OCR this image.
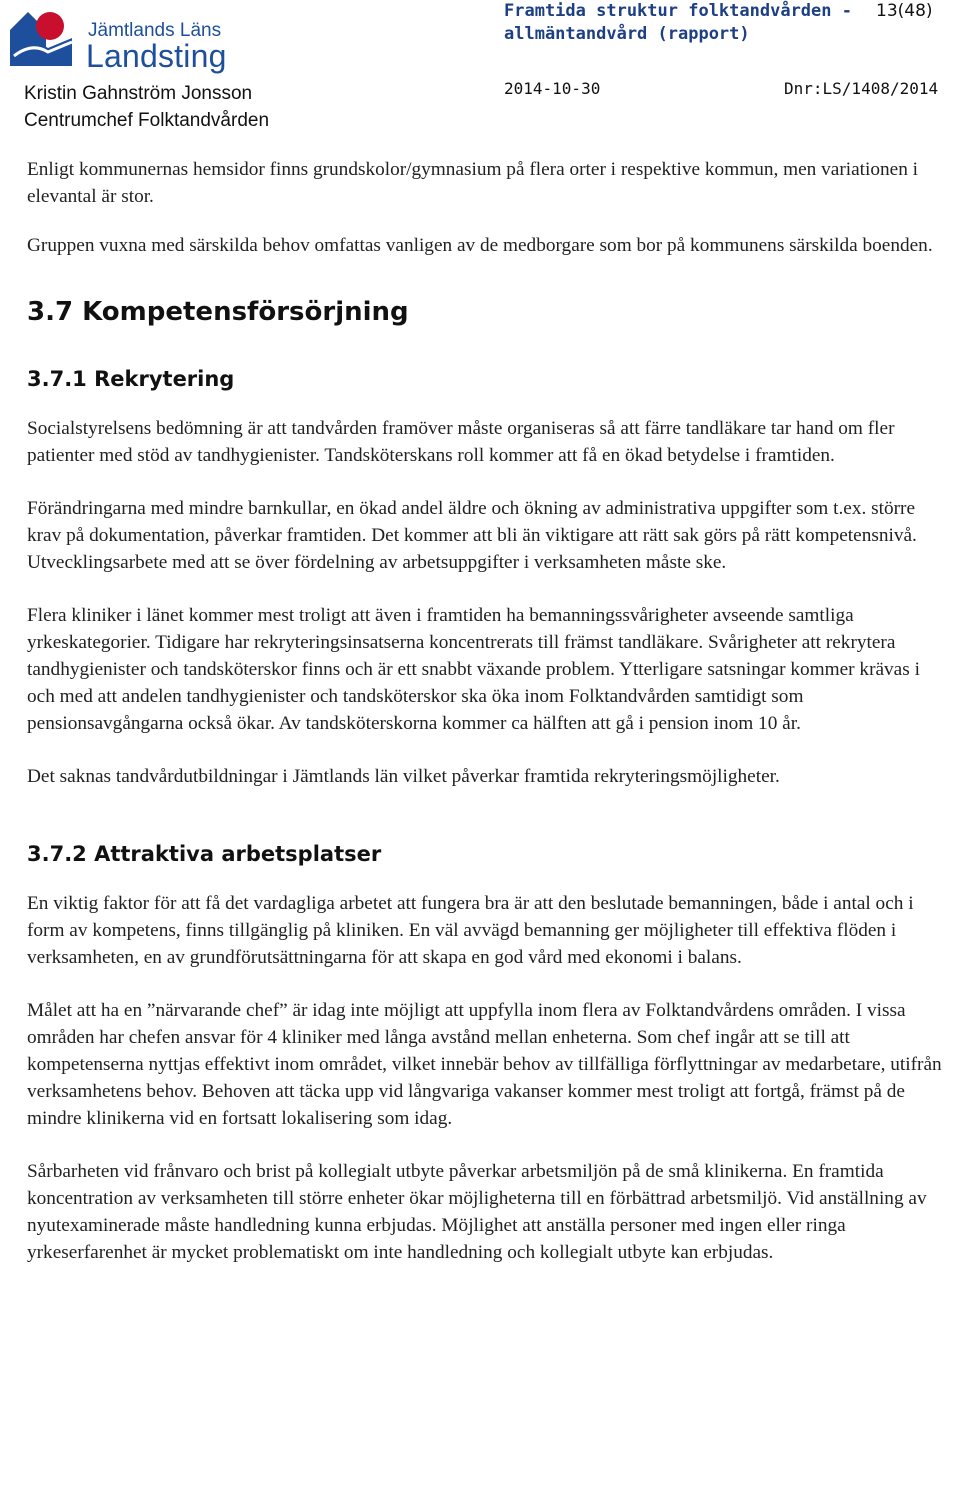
Jämtlands Läns
Landsting
Kristin Gahnström Jonsson
Centrumchef Folktandvården
Framtida struktur folktandvården - allmäntandvård (rapport)
13(48)
2014-10-30	Dnr:LS/1408/2014

Enligt kommunernas hemsidor finns grundskolor/gymnasium på flera orter i respektive kommun, men variationen i elevantal är stor.

Gruppen vuxna med särskilda behov omfattas vanligen av de medborgare som bor på kommunens särskilda boenden.

3.7 Kompetensförsörjning
3.7.1 Rekrytering

Socialstyrelsens bedömning är att tandvården framöver måste organiseras så att färre tandläkare tar hand om fler patienter med stöd av tandhygienister. Tandsköterskans roll kommer att få en ökad betydelse i framtiden.

Förändringarna med mindre barnkullar, en ökad andel äldre och ökning av administrativa uppgifter som t.ex. större krav på dokumentation, påverkar framtiden. Det kommer att bli än viktigare att rätt sak görs på rätt kompetensnivå. Utvecklingsarbete med att se över fördelning av arbetsuppgifter i verksamheten måste ske.

Flera kliniker i länet kommer mest troligt att även i framtiden ha bemanningssvårigheter avseende samtliga yrkeskategorier. Tidigare har rekryteringsinsatserna koncentrerats till främst tandläkare. Svårigheter att rekrytera tandhygienister och tandsköterskor finns och är ett snabbt växande problem. Ytterligare satsningar kommer krävas i och med att andelen tandhygienister och tandsköterskor ska öka inom Folktandvården samtidigt som pensionsavgångarna också ökar. Av tandsköterskorna kommer ca hälften att gå i pension inom 10 år.

Det saknas tandvårdutbildningar i Jämtlands län vilket påverkar framtida rekryteringsmöjligheter.

3.7.2 Attraktiva arbetsplatser

En viktig faktor för att få det vardagliga arbetet att fungera bra är att den beslutade bemanningen, både i antal och i form av kompetens, finns tillgänglig på kliniken. En väl avvägd bemanning ger möjligheter till effektiva flöden i verksamheten, en av grundförutsättningarna för att skapa en god vård med ekonomi i balans.

Målet att ha en ”närvarande chef” är idag inte möjligt att uppfylla inom flera av Folktandvårdens områden. I vissa områden har chefen ansvar för 4 kliniker med långa avstånd mellan enheterna. Som chef ingår att se till att kompetenserna nyttjas effektivt inom området, vilket innebär behov av tillfälliga förflyttningar av medarbetare, utifrån verksamhetens behov. Behoven att täcka upp vid långvariga vakanser kommer mest troligt att fortgå, främst på de mindre klinikerna vid en fortsatt lokalisering som idag.

Sårbarheten vid frånvaro och brist på kollegialt utbyte påverkar arbetsmiljön på de små klinikerna. En framtida koncentration av verksamheten till större enheter ökar möjligheterna till en förbättrad arbetsmiljö. Vid anställning av nyutexaminerade måste handledning kunna erbjudas. Möjlighet att anställa personer med ingen eller ringa yrkeserfarenhet är mycket problematiskt om inte handledning och kollegialt utbyte kan erbjudas.
